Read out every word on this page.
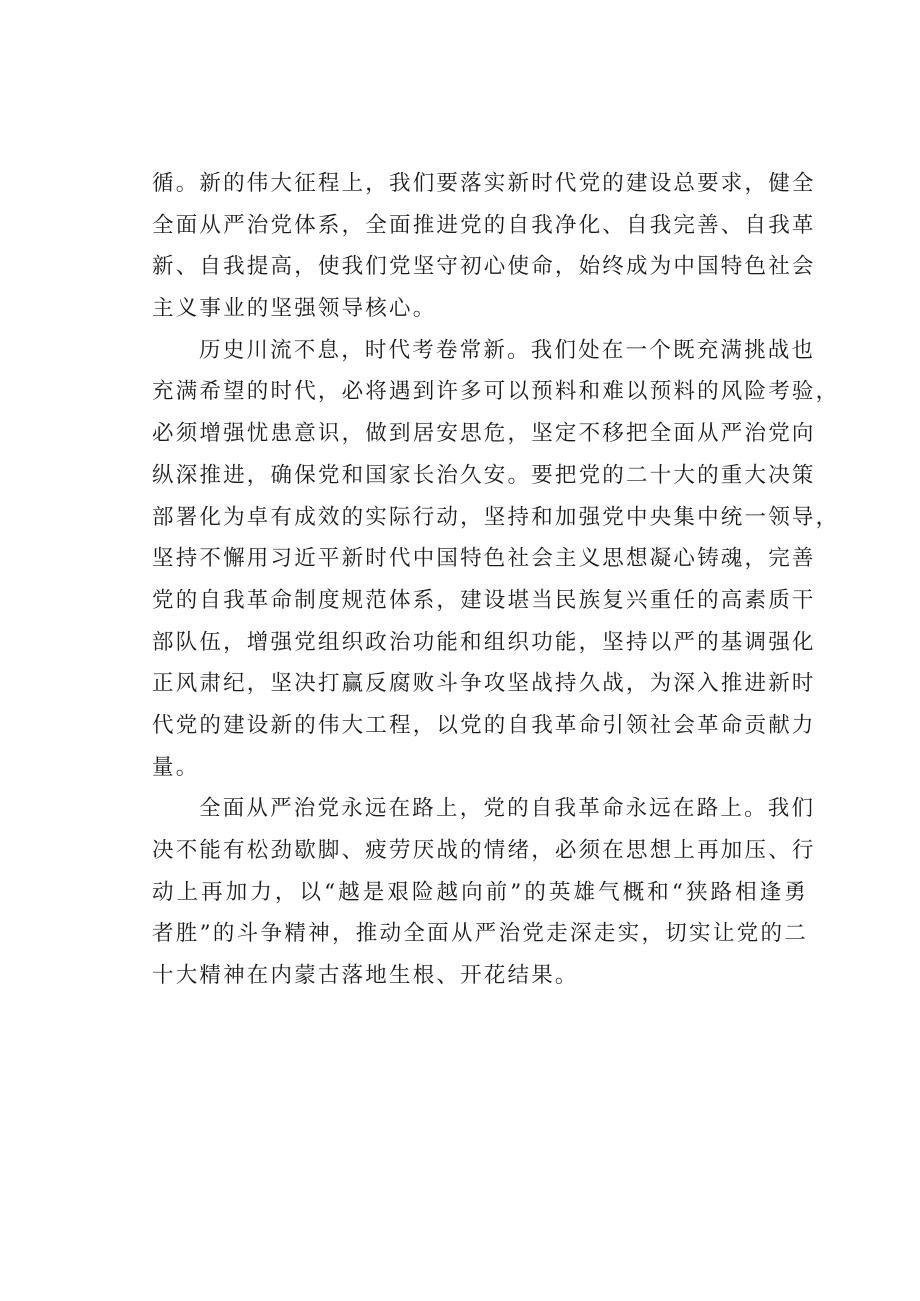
循。新的伟大征程上，我们要落实新时代党的建设总要求，健全
全面从严治党体系，全面推进党的自我净化、自我完善、自我革
新、自我提高，使我们党坚守初心使命，始终成为中国特色社会
主义事业的坚强领导核心。
历史川流不息，时代考卷常新。我们处在一个既充满挑战也
充满希望的时代，必将遇到许多可以预料和难以预料的风险考验，
必须增强忧患意识，做到居安思危，坚定不移把全面从严治党向
纵深推进，确保党和国家长治久安。要把党的二十大的重大决策
部署化为卓有成效的实际行动，坚持和加强党中央集中统一领导，
坚持不懈用习近平新时代中国特色社会主义思想凝心铸魂，完善
党的自我革命制度规范体系，建设堪当民族复兴重任的高素质干
部队伍，增强党组织政治功能和组织功能，坚持以严的基调强化
正风肃纪，坚决打赢反腐败斗争攻坚战持久战，为深入推进新时
代党的建设新的伟大工程，以党的自我革命引领社会革命贡献力
量。
全面从严治党永远在路上，党的自我革命永远在路上。我们
决不能有松劲歇脚、疲劳厌战的情绪，必须在思想上再加压、行
动上再加力，以“越是艰险越向前”的英雄气概和“狭路相逢勇
者胜”的斗争精神，推动全面从严治党走深走实，切实让党的二
十大精神在内蒙古落地生根、开花结果。
